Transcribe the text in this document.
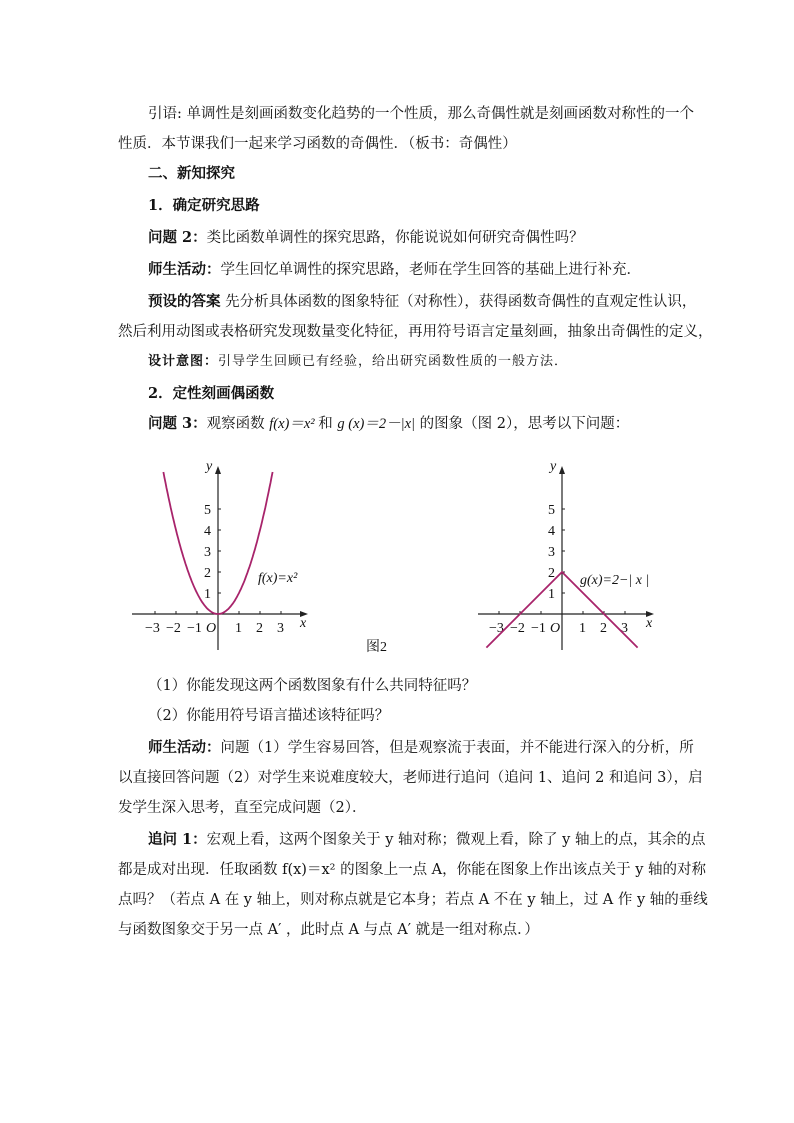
引语: 单调性是刻画函数变化趋势的一个性质，那么奇偶性就是刻画函数对称性的一个
性质．本节课我们一起来学习函数的奇偶性．（板书：奇偶性）
二、新知探究
1．确定研究思路
问题 2：类比函数单调性的探究思路，你能说说如何研究奇偶性吗？
师生活动：学生回忆单调性的探究思路，老师在学生回答的基础上进行补充．
预设的答案 先分析具体函数的图象特征（对称性），获得函数奇偶性的直观定性认识，
然后利用动图或表格研究发现数量变化特征，再用符号语言定量刻画，抽象出奇偶性的定义，
设计意图：引导学生回顾已有经验，给出研究函数性质的一般方法．
2．定性刻画偶函数
问题 3：观察函数 f(x)＝x² 和 g (x)＝2－|x| 的图象（图 2），思考以下问题：
−3 −2 −1 1 2 3
1
2
3
4
5
y
x
O
f(x)=x²
−3 −2 −1 1 2 3
1
2
3
4
5
y
x
O
g(x)=2−| x |
图2
（1）你能发现这两个函数图象有什么共同特征吗？
（2）你能用符号语言描述该特征吗？
师生活动：问题（1）学生容易回答，但是观察流于表面，并不能进行深入的分析，所
以直接回答问题（2）对学生来说难度较大，老师进行追问（追问 1、追问 2 和追问 3），启
发学生深入思考，直至完成问题（2）．
追问 1：宏观上看，这两个图象关于 y 轴对称；微观上看，除了 y 轴上的点，其余的点
都是成对出现．任取函数 f(x)＝x² 的图象上一点 A，你能在图象上作出该点关于 y 轴的对称
点吗？（若点 A 在 y 轴上，则对称点就是它本身；若点 A 不在 y 轴上，过 A 作 y 轴的垂线
与函数图象交于另一点 A′ ，此时点 A 与点 A′ 就是一组对称点．）
